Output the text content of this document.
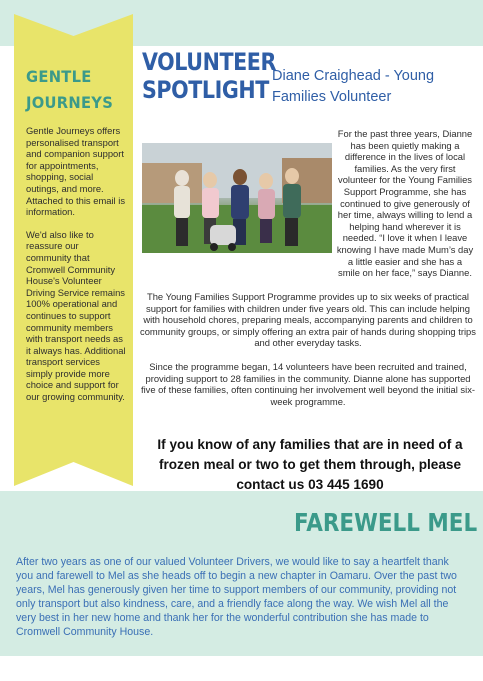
GENTLE JOURNEYS

Gentle Journeys offers personalised transport and companion support for appointments, shopping, social outings, and more. Attached to this email is information.

We'd also like to reassure our community that Cromwell Community House's Volunteer Driving Service remains 100% operational and continues to support community members with transport needs as it always has. Additional transport services simply provide more choice and support for our growing community.

VOLUNTEER SPOTLIGHT Diane Craighead - Young Families Volunteer
For the past three years, Dianne has been quietly making a difference in the lives of local families. As the very first volunteer for the Young Families Support Programme, she has continued to give generously of her time, always willing to lend a helping hand wherever it is needed. “I love it when I leave knowing I have made Mum’s day a little easier and she has a smile on her face,” says Dianne.
The Young Families Support Programme provides up to six weeks of practical support for families with children under five years old. This can include helping with household chores, preparing meals, accompanying parents and children to community groups, or simply offering an extra pair of hands during shopping trips and other everyday tasks.
Since the programme began, 14 volunteers have been recruited and trained, providing support to 28 families in the community. Dianne alone has supported five of these families, often continuing her involvement well beyond the initial six-week programme.
If you know of any families that are in need of a frozen meal or two to get them through, please contact us 03 445 1690
FAREWELL MEL
After two years as one of our valued Volunteer Drivers, we would like to say a heartfelt thank you and farewell to Mel as she heads off to begin a new chapter in Oamaru. Over the past two years, Mel has generously given her time to support members of our community, providing not only transport but also kindness, care, and a friendly face along the way. We wish Mel all the very best in her new home and thank her for the wonderful contribution she has made to Cromwell Community House.
